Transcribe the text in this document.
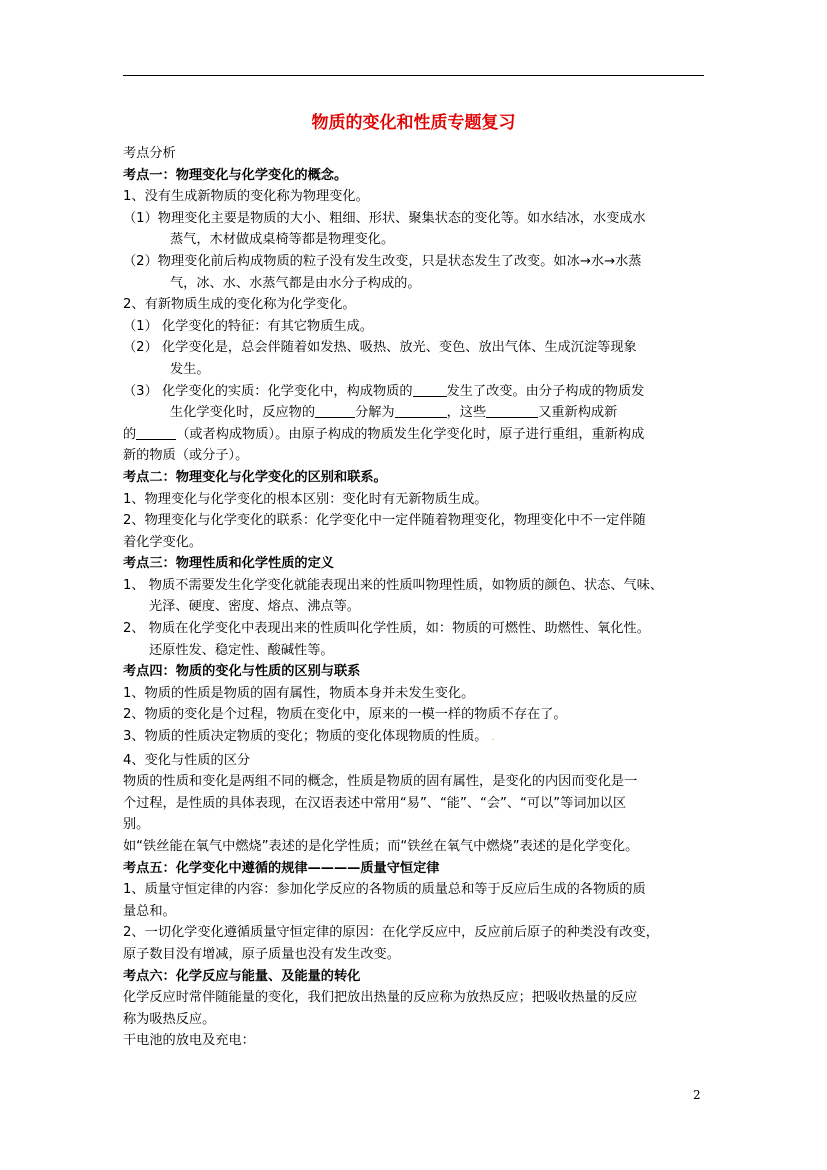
物质的变化和性质专题复习

考点分析

考点一：物理变化与化学变化的概念。

1、没有生成新物质的变化称为物理变化。

（1）物理变化主要是物质的大小、粗细、形状、聚集状态的变化等。如水结冰，水变成水

蒸气，木材做成桌椅等都是物理变化。

（2）物理变化前后构成物质的粒子没有发生改变，只是状态发生了改变。如冰→水→水蒸

气，冰、水、水蒸气都是由水分子构成的。

2、有新物质生成的变化称为化学变化。

（1） 化学变化的特征：有其它物质生成。

（2） 化学变化是，总会伴随着如发热、吸热、放光、变色、放出气体、生成沉淀等现象

发生。

（3） 化学变化的实质：化学变化中，构成物质的	发生了改变。由分子构成的物质发

生化学变化时，反应物的	分解为	，这些	又重新构成新

的	（或者构成物质）。由原子构成的物质发生化学变化时，原子进行重组，重新构成

新的物质（或分子）。

考点二：物理变化与化学变化的区别和联系。

1、物理变化与化学变化的根本区别：变化时有无新物质生成。

2、物理变化与化学变化的联系：化学变化中一定伴随着物理变化，物理变化中不一定伴随

着化学变化。

考点三：物理性质和化学性质的定义

1、 物质不需要发生化学变化就能表现出来的性质叫物理性质，如物质的颜色、状态、气味、

光泽、硬度、密度、熔点、沸点等。

2、 物质在化学变化中表现出来的性质叫化学性质，如：物质的可燃性、助燃性、氧化性。

还原性发、稳定性、酸碱性等。

考点四：物质的变化与性质的区别与联系

1、物质的性质是物质的固有属性，物质本身并未发生变化。

2、物质的变化是个过程，物质在变化中，原来的一模一样的物质不存在了。

3、物质的性质决定物质的变化；物质的变化体现物质的性质。 .

4、变化与性质的区分

物质的性质和变化是两组不同的概念，性质是物质的固有属性，是变化的内因而变化是一

个过程，是性质的具体表现，在汉语表述中常用“易”、“能”、“会”、“可以”等词加以区

别。

如“铁丝能在氧气中燃烧”表述的是化学性质；而“铁丝在氧气中燃烧”表述的是化学变化。

考点五：化学变化中遵循的规律————质量守恒定律

1、质量守恒定律的内容：参加化学反应的各物质的质量总和等于反应后生成的各物质的质

量总和。

2、一切化学变化遵循质量守恒定律的原因：在化学反应中，反应前后原子的种类没有改变，

原子数目没有增减，原子质量也没有发生改变。

考点六：化学反应与能量、及能量的转化

化学反应时常伴随能量的变化，我们把放出热量的反应称为放热反应；把吸收热量的反应

称为吸热反应。

干电池的放电及充电：

2
